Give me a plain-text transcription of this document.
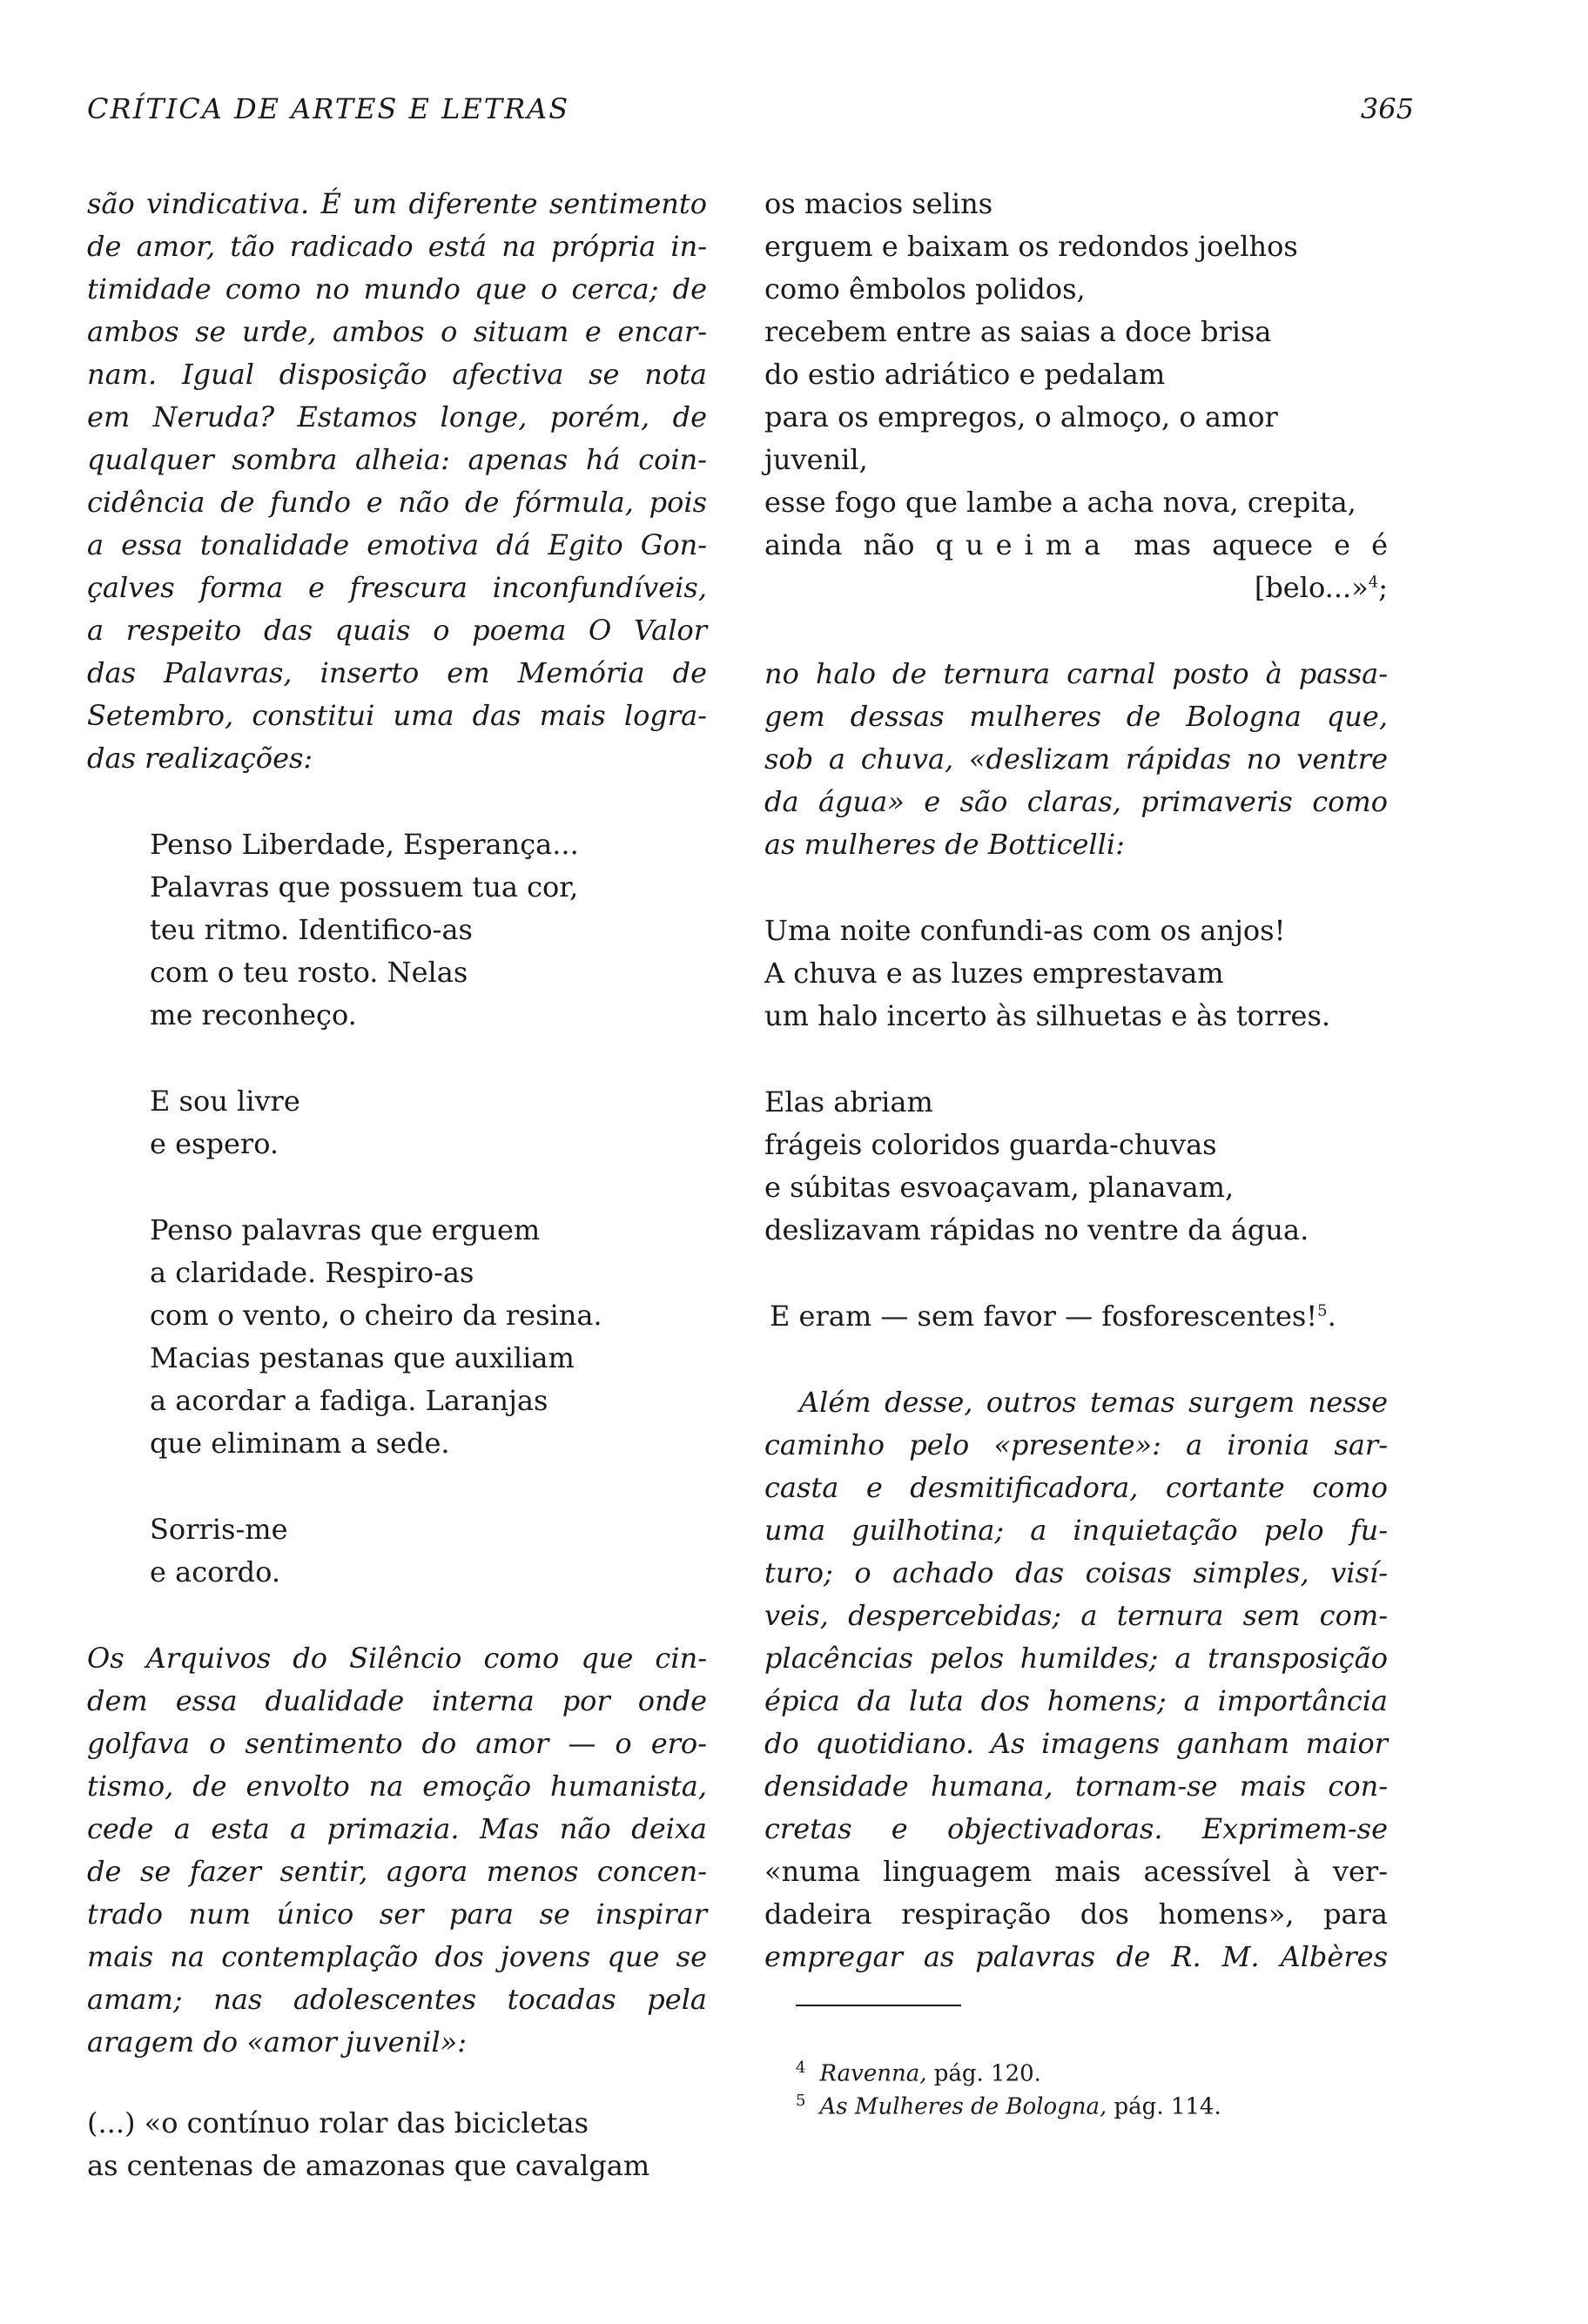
CRÍTICA DE ARTES E LETRAS	365
são vindicativa. É um diferente sentimento
de amor, tão radicado está na própria in-
timidade como no mundo que o cerca; de
ambos se urde, ambos o situam e encar-
nam. Igual disposição afectiva se nota
em Neruda? Estamos longe, porém, de
qualquer sombra alheia: apenas há coin-
cidência de fundo e não de fórmula, pois
a essa tonalidade emotiva dá Egito Gon-
çalves forma e frescura inconfundíveis,
a respeito das quais o poema O Valor
das Palavras, inserto em Memória de
Setembro, constitui uma das mais logra-
das realizações:
Penso Liberdade, Esperança...
Palavras que possuem tua cor,
teu ritmo. Identifico-as
com o teu rosto. Nelas
me reconheço.
E sou livre
e espero.
Penso palavras que erguem
a claridade. Respiro-as
com o vento, o cheiro da resina.
Macias pestanas que auxiliam
a acordar a fadiga. Laranjas
que eliminam a sede.
Sorris-me
e acordo.
Os Arquivos do Silêncio como que cin-
dem essa dualidade interna por onde
golfava o sentimento do amor — o ero-
tismo, de envolto na emoção humanista,
cede a esta a primazia. Mas não deixa
de se fazer sentir, agora menos concen-
trado num único ser para se inspirar
mais na contemplação dos jovens que se
amam; nas adolescentes tocadas pela
aragem do «amor juvenil»:
(...) «o contínuo rolar das bicicletas
as centenas de amazonas que cavalgam
os macios selins
erguem e baixam os redondos joelhos
como êmbolos polidos,
recebem entre as saias a doce brisa
do estio adriático e pedalam
para os empregos, o almoço, o amor
juvenil,
esse fogo que lambe a acha nova, crepita,
ainda não queima mas aquece e é
[belo...»$^4$;
no halo de ternura carnal posto à passa-
gem dessas mulheres de Bologna que,
sob a chuva, «deslizam rápidas no ventre
da água» e são claras, primaveris como
as mulheres de Botticelli:
Uma noite confundi-as com os anjos!
A chuva e as luzes emprestavam
um halo incerto às silhuetas e às torres.
Elas abriam
frágeis coloridos guarda-chuvas
e súbitas esvoaçavam, planavam,
deslizavam rápidas no ventre da água.
E eram — sem favor — fosforescentes!$^5$.
Além desse, outros temas surgem nesse
caminho pelo «presente»: a ironia sar-
casta e desmitificadora, cortante como
uma guilhotina; a inquietação pelo fu-
turo; o achado das coisas simples, visí-
veis, despercebidas; a ternura sem com-
placências pelos humildes; a transposição
épica da luta dos homens; a importância
do quotidiano. As imagens ganham maior
densidade humana, tornam-se mais con-
cretas e objectivadoras. Exprimem-se
«numa linguagem mais acessível à ver-
dadeira respiração dos homens», para
empregar as palavras de R. M. Albères
$^4$ Ravenna, pág. 120.
$^5$ As Mulheres de Bologna, pág. 114.
